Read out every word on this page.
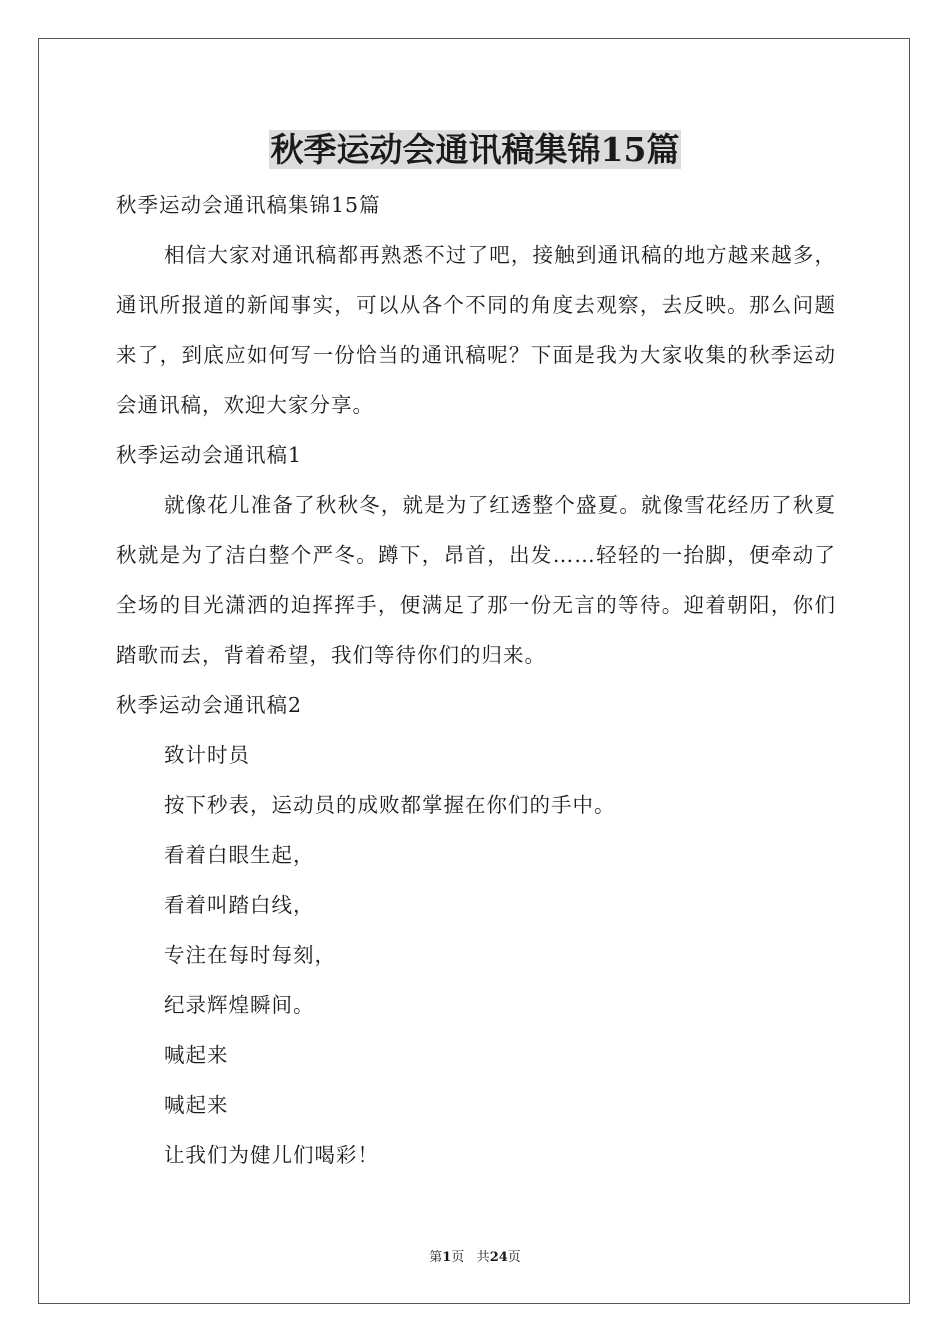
秋季运动会通讯稿集锦15篇

秋季运动会通讯稿集锦15篇

相信大家对通讯稿都再熟悉不过了吧，接触到通讯稿的地方越来越多，通讯所报道的新闻事实，可以从各个不同的角度去观察，去反映。那么问题来了，到底应如何写一份恰当的通讯稿呢？下面是我为大家收集的秋季运动会通讯稿，欢迎大家分享。

秋季运动会通讯稿1

就像花儿准备了秋秋冬，就是为了红透整个盛夏。就像雪花经历了秋夏秋就是为了洁白整个严冬。蹲下，昂首，出发……轻轻的一抬脚，便牵动了全场的目光潇洒的迫挥挥手，便满足了那一份无言的等待。迎着朝阳，你们踏歌而去，背着希望，我们等待你们的归来。

秋季运动会通讯稿2

致计时员

按下秒表，运动员的成败都掌握在你们的手中。

看着白眼生起，

看着叫踏白线，

专注在每时每刻，

纪录辉煌瞬间。

喊起来

喊起来

让我们为健儿们喝彩！

第1页 共24页
